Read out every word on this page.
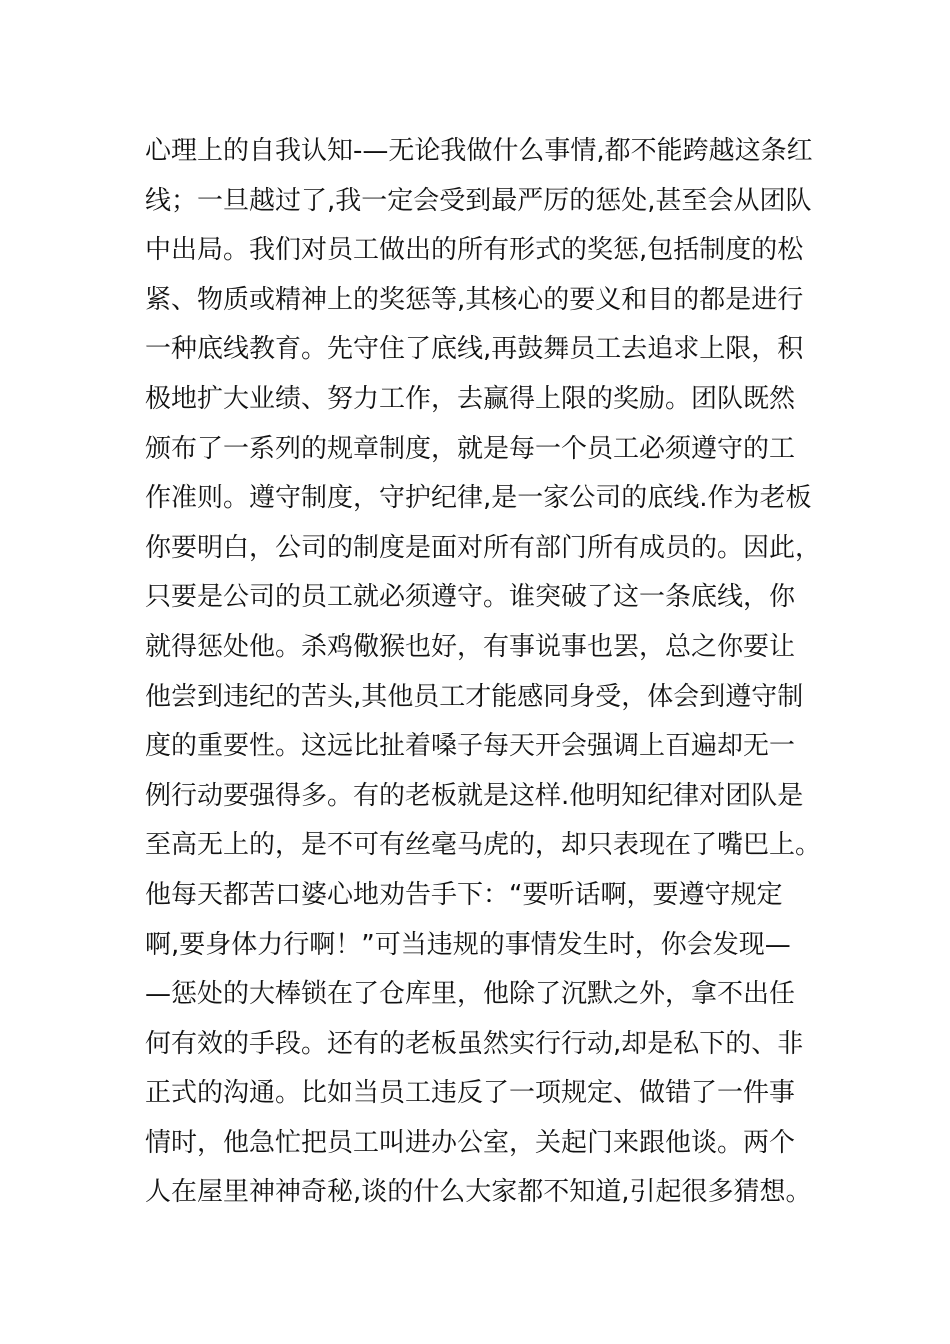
心理上的自我认知-—无论我做什么事情,都不能跨越这条红
线；一旦越过了,我一定会受到最严厉的惩处,甚至会从团队
中出局。我们对员工做出的所有形式的奖惩,包括制度的松
紧、物质或精神上的奖惩等,其核心的要义和目的都是进行
一种底线教育。先守住了底线,再鼓舞员工去追求上限，积
极地扩大业绩、努力工作，去赢得上限的奖励。团队既然
颁布了一系列的规章制度，就是每一个员工必须遵守的工
作准则。遵守制度，守护纪律,是一家公司的底线.作为老板
你要明白，公司的制度是面对所有部门所有成员的。因此，
只要是公司的员工就必须遵守。谁突破了这一条底线，你
就得惩处他。杀鸡儆猴也好，有事说事也罢，总之你要让
他尝到违纪的苦头,其他员工才能感同身受，体会到遵守制
度的重要性。这远比扯着嗓子每天开会强调上百遍却无一
例行动要强得多。有的老板就是这样.他明知纪律对团队是
至高无上的，是不可有丝毫马虎的，却只表现在了嘴巴上。
他每天都苦口婆心地劝告手下：“要听话啊，要遵守规定
啊,要身体力行啊！”可当违规的事情发生时，你会发现—
—惩处的大棒锁在了仓库里，他除了沉默之外，拿不出任
何有效的手段。还有的老板虽然实行行动,却是私下的、非
正式的沟通。比如当员工违反了一项规定、做错了一件事
情时，他急忙把员工叫进办公室，关起门来跟他谈。两个
人在屋里神神奇秘,谈的什么大家都不知道,引起很多猜想。
